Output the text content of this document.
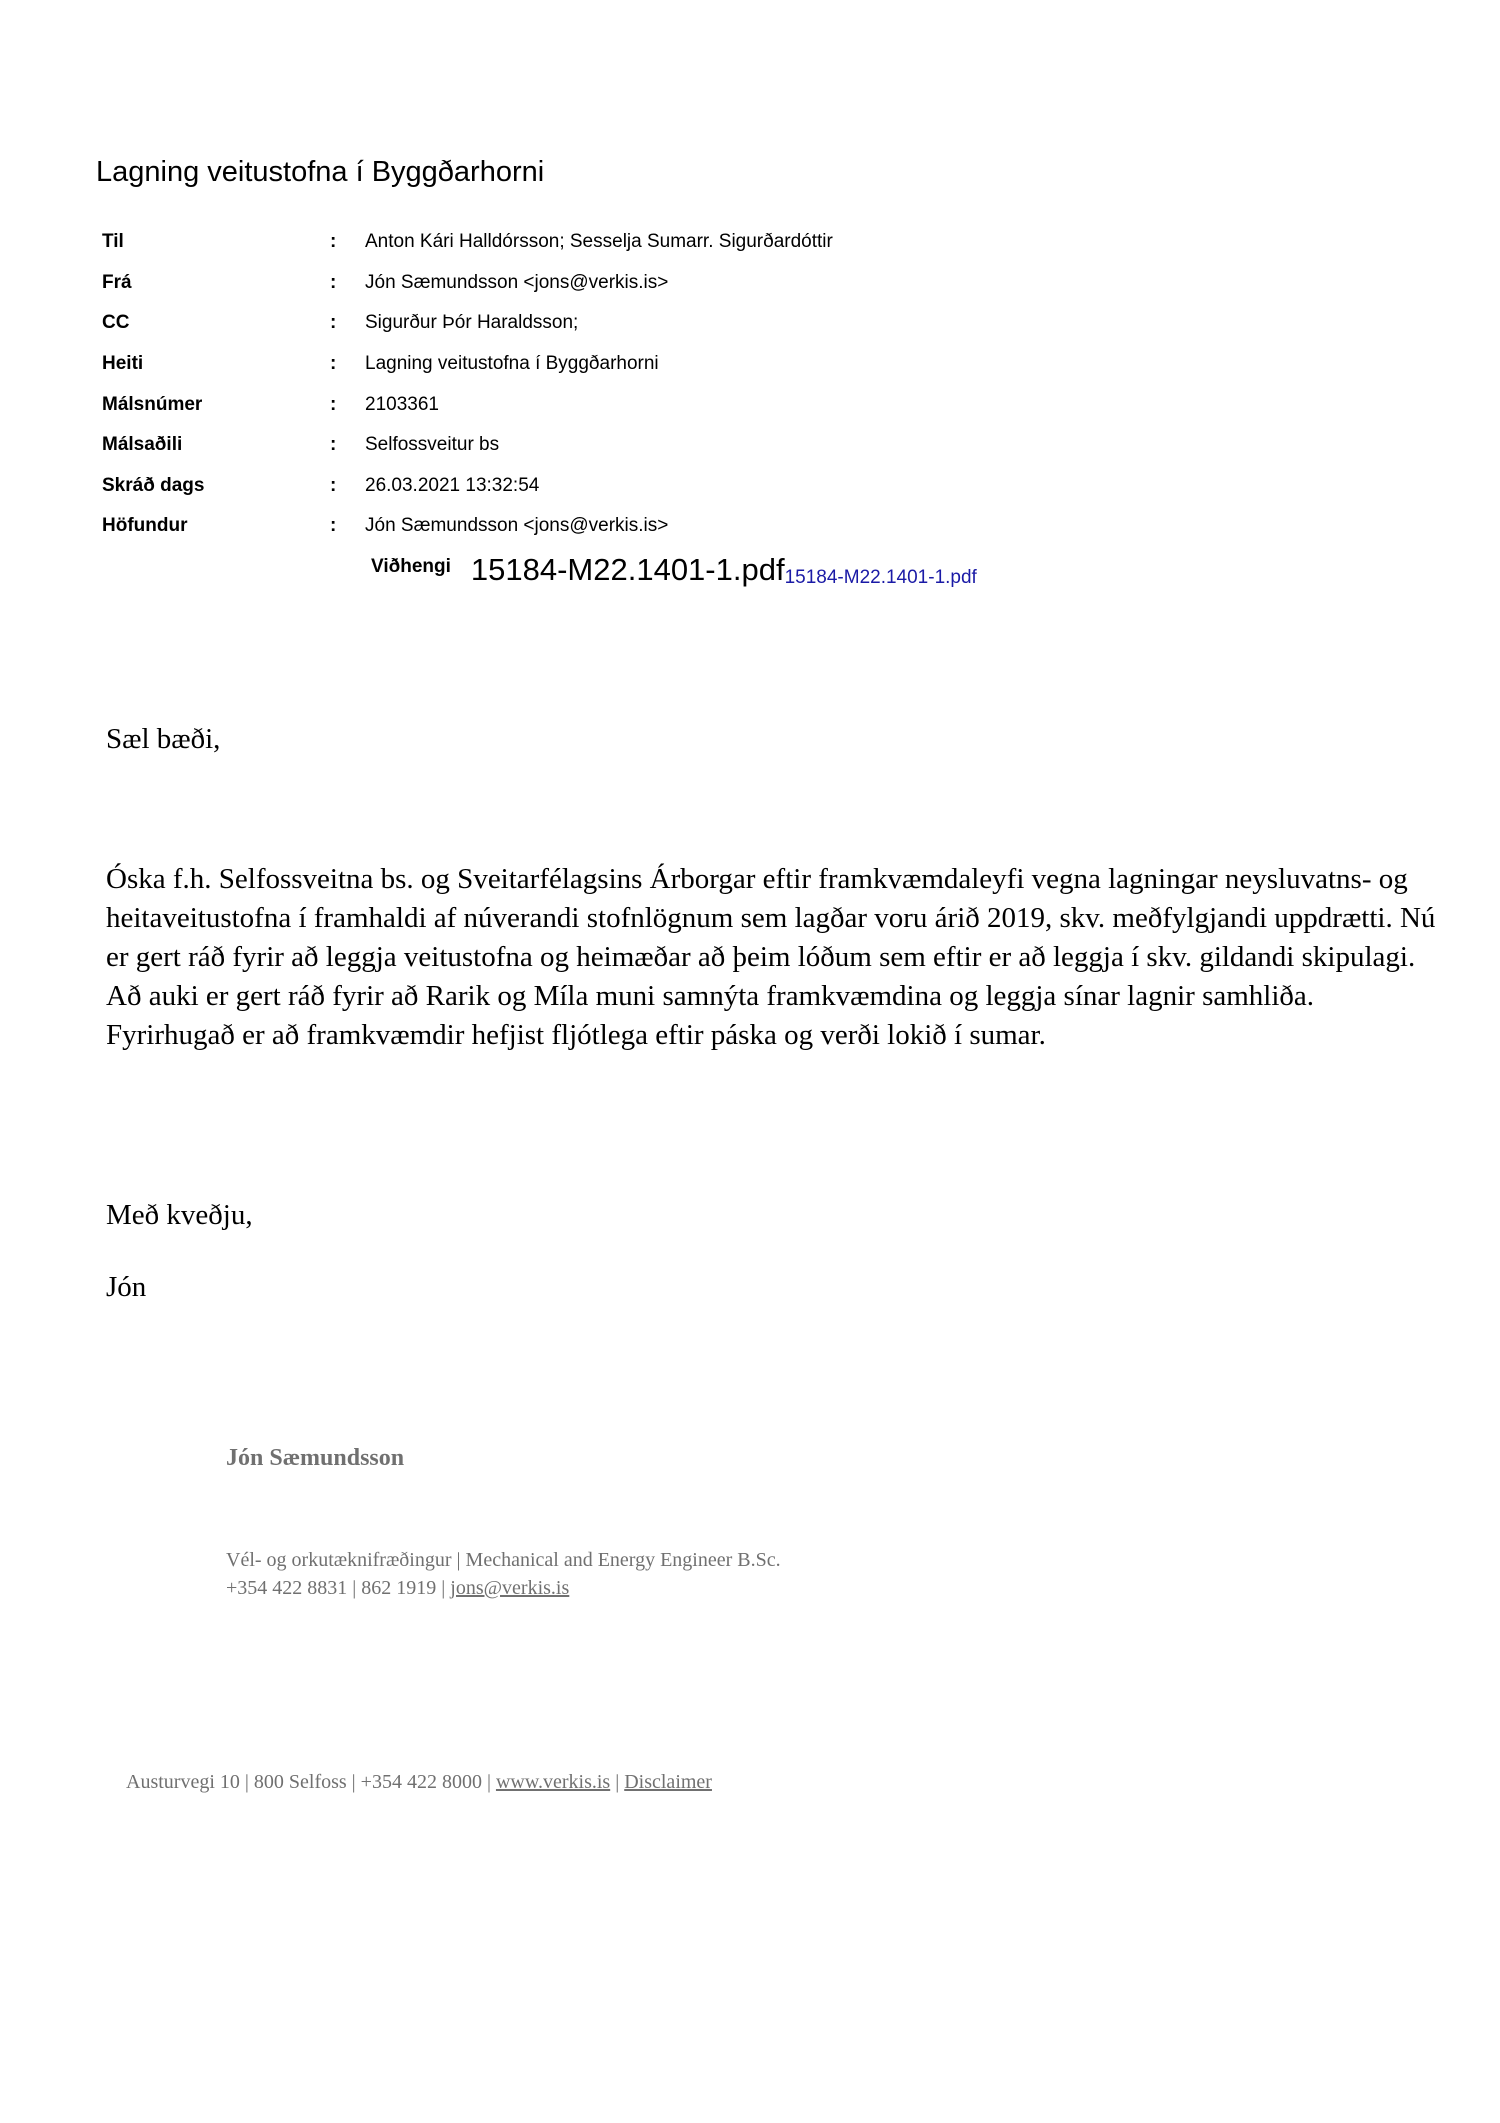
Lagning veitustofna í Byggðarhorni
Til	:	Anton Kári Halldórsson; Sesselja Sumarr. Sigurðardóttir
Frá	:	Jón Sæmundsson <jons@verkis.is>
CC	:	Sigurður Þór Haraldsson;
Heiti	:	Lagning veitustofna í Byggðarhorni
Málsnúmer	:	2103361
Málsaðili	:	Selfossveitur bs
Skráð dags	:	26.03.2021 13:32:54
Höfundur	:	Jón Sæmundsson <jons@verkis.is>
Viðhengi 15184-M22.1401-1.pdf 15184-M22.1401-1.pdf

Sæl bæði,

Óska f.h. Selfossveitna bs. og Sveitarfélagsins Árborgar eftir framkvæmdaleyfi vegna lagningar neysluvatns- og heitaveitustofna í framhaldi af núverandi stofnlögnum sem lagðar voru árið 2019, skv. meðfylgjandi uppdrætti. Nú er gert ráð fyrir að leggja veitustofna og heimæðar að þeim lóðum sem eftir er að leggja í skv. gildandi skipulagi. Að auki er gert ráð fyrir að Rarik og Míla muni samnýta framkvæmdina og leggja sínar lagnir samhliða. Fyrirhugað er að framkvæmdir hefjist fljótlega eftir páska og verði lokið í sumar.

Með kveðju,

Jón

Jón Sæmundsson

Vél- og orkutæknifræðingur | Mechanical and Energy Engineer B.Sc.
+354 422 8831 | 862 1919 | jons@verkis.is
Austurvegi 10 | 800 Selfoss | +354 422 8000 | www.verkis.is | Disclaimer
